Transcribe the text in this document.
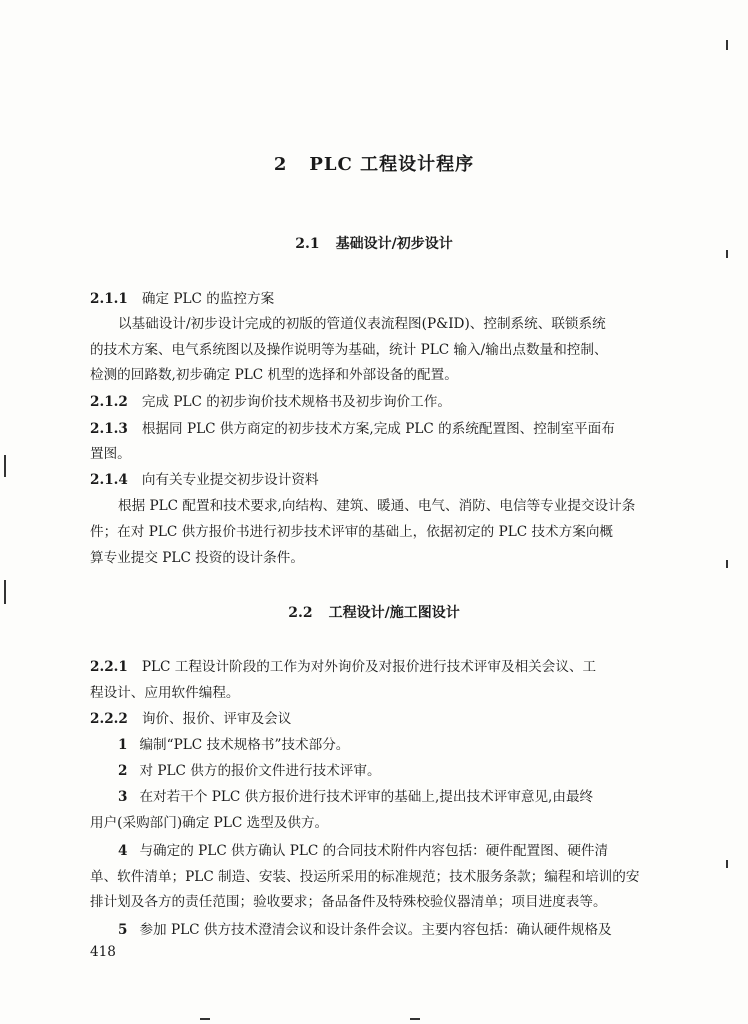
2 PLC 工程设计程序
2.1 基础设计/初步设计
2.1.1 确定 PLC 的监控方案
以基础设计/初步设计完成的初版的管道仪表流程图(P&ID)、控制系统、联锁系统
的技术方案、电气系统图以及操作说明等为基础，统计 PLC 输入/输出点数量和控制、
检测的回路数,初步确定 PLC 机型的选择和外部设备的配置。
2.1.2 完成 PLC 的初步询价技术规格书及初步询价工作。
2.1.3 根据同 PLC 供方商定的初步技术方案,完成 PLC 的系统配置图、控制室平面布
置图。
2.1.4 向有关专业提交初步设计资料
根据 PLC 配置和技术要求,向结构、建筑、暖通、电气、消防、电信等专业提交设计条
件；在对 PLC 供方报价书进行初步技术评审的基础上，依据初定的 PLC 技术方案向概
算专业提交 PLC 投资的设计条件。
2.2 工程设计/施工图设计
2.2.1 PLC 工程设计阶段的工作为对外询价及对报价进行技术评审及相关会议、工
程设计、应用软件编程。
2.2.2 询价、报价、评审及会议
1 编制“PLC 技术规格书”技术部分。
2 对 PLC 供方的报价文件进行技术评审。
3 在对若干个 PLC 供方报价进行技术评审的基础上,提出技术评审意见,由最终
用户(采购部门)确定 PLC 选型及供方。
4 与确定的 PLC 供方确认 PLC 的合同技术附件内容包括：硬件配置图、硬件清
单、软件清单；PLC 制造、安装、投运所采用的标准规范；技术服务条款；编程和培训的安
排计划及各方的责任范围；验收要求；备品备件及特殊校验仪器清单；项目进度表等。
5 参加 PLC 供方技术澄清会议和设计条件会议。主要内容包括：确认硬件规格及
418
